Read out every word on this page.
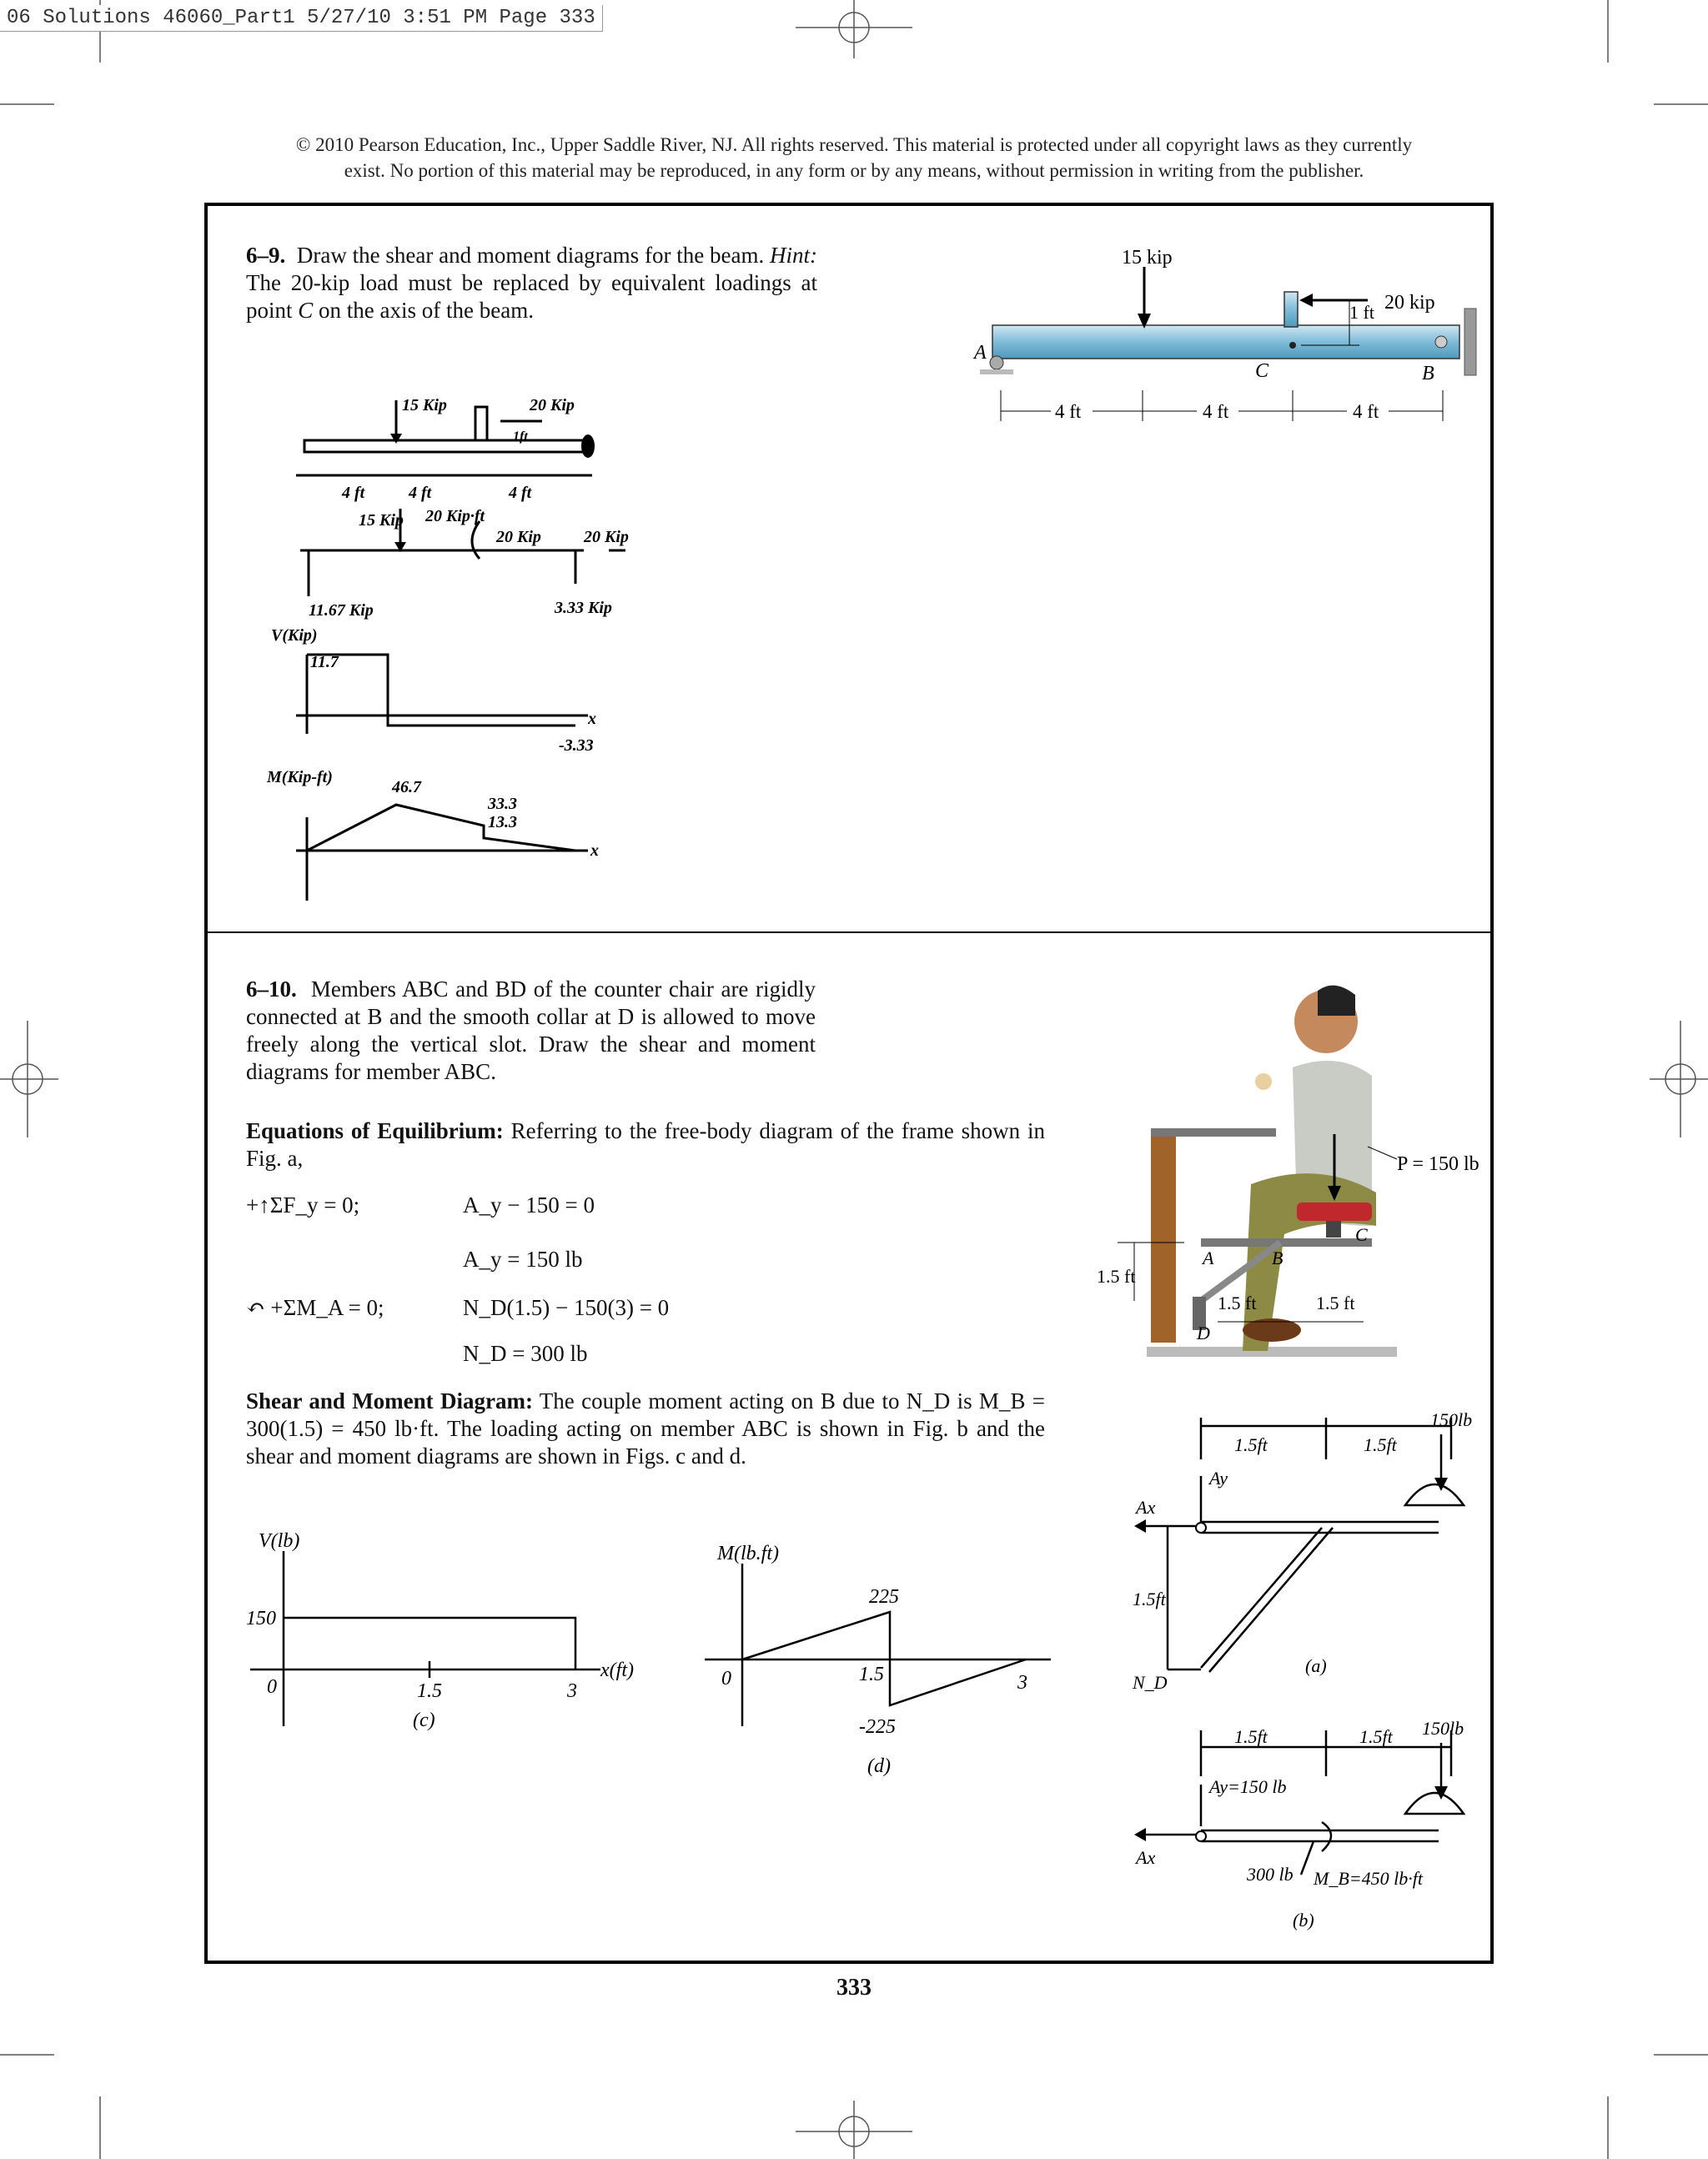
06 Solutions 46060_Part1 5/27/10 3:51 PM Page 333
© 2010 Pearson Education, Inc., Upper Saddle River, NJ. All rights reserved. This material is protected under all copyright laws as they currently
exist. No portion of this material may be reproduced, in any form or by any means, without permission in writing from the publisher.
6–9. Draw the shear and moment diagrams for the beam. Hint: The 20-kip load must be replaced by equivalent loadings at point C on the axis of the beam.
15 kip
20 kip
1 ft
A
C	B
4 ft	4 ft	4 ft
15 Kip	20 Kip
1ft
4 ft	4 ft	4 ft
15 Kip 20 Kip·ft
20 Kip	20 Kip
11.67 Kip	3.33 Kip
V(Kip)
11.7
-3.33
x
M(Kip-ft)
46.7
33.3
13.3
x
6–10. Members ABC and BD of the counter chair are rigidly connected at B and the smooth collar at D is allowed to move freely along the vertical slot. Draw the shear and moment diagrams for member ABC.
Equations of Equilibrium: Referring to the free-body diagram of the frame shown in Fig. a,
+↑ΣF_y = 0;	A_y − 150 = 0
A_y = 150 lb
↶ +ΣM_A = 0;	N_D(1.5) − 150(3) = 0
N_D = 300 lb
Shear and Moment Diagram: The couple moment acting on B due to N_D is M_B = 300(1.5) = 450 lb·ft. The loading acting on member ABC is shown in Fig. b and the shear and moment diagrams are shown in Figs. c and d.
P = 150 lb
1.5 ft
1.5 ft	1.5 ft
A	B
C
D
1.5ft	1.5ft
150lb
Ay
Ax
1.5ft
N_D
(a)
1.5ft	1.5ft 150lb
Ay=150 lb
Ax
300 lb M_B=450 lb·ft
(b)
V(lb)
150
0	1.5	3
x(ft)
(c)
M(lb.ft)
225
-225
0	1.5	3
(d)
333
